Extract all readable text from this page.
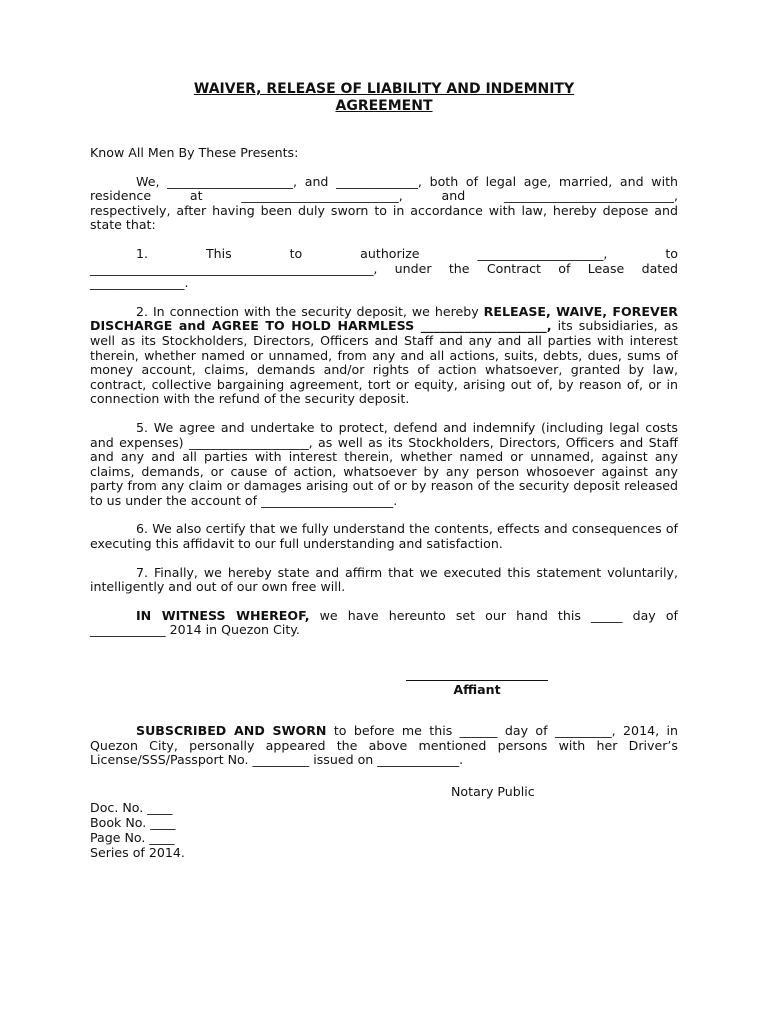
WAIVER, RELEASE OF LIABILITY AND INDEMNITY
AGREEMENT

Know All Men By These Presents:

We, ____________________, and _____________, both of legal age, married, and with

residence at _________________________, and ___________________________,

respectively, after having been duly sworn to in accordance with law, hereby depose and state that:

1. This to authorize ____________________, to

_____________________________________________, under the Contract of Lease dated

_______________.

2. In connection with the security deposit, we hereby RELEASE, WAIVE, FOREVER DISCHARGE and AGREE TO HOLD HARMLESS ____________________, its subsidiaries, as well as its Stockholders, Directors, Officers and Staff and any and all parties with interest therein, whether named or unnamed, from any and all actions, suits, debts, dues, sums of money account, claims, demands and/or rights of action whatsoever, granted by law, contract, collective bargaining agreement, tort or equity, arising out of, by reason of, or in connection with the refund of the security deposit.

5. We agree and undertake to protect, defend and indemnify (including legal costs and expenses) ___________________, as well as its Stockholders, Directors, Officers and Staff and any and all parties with interest therein, whether named or unnamed, against any claims, demands, or cause of action, whatsoever by any person whosoever against any party from any claim or damages arising out of or by reason of the security deposit released to us under the account of _____________________.

6. We also certify that we fully understand the contents, effects and consequences of executing this affidavit to our full understanding and satisfaction.

7. Finally, we hereby state and affirm that we executed this statement voluntarily, intelligently and out of our own free will.

IN WITNESS WHEREOF, we have hereunto set our hand this _____ day of ____________ 2014 in Quezon City.

Affiant

SUBSCRIBED AND SWORN to before me this ______ day of _________, 2014, in Quezon City, personally appeared the above mentioned persons with her Driver’s License/SSS/Passport No. _________ issued on _____________.

Notary Public
Doc. No. ____
Book No. ____
Page No. ____
Series of 2014.
